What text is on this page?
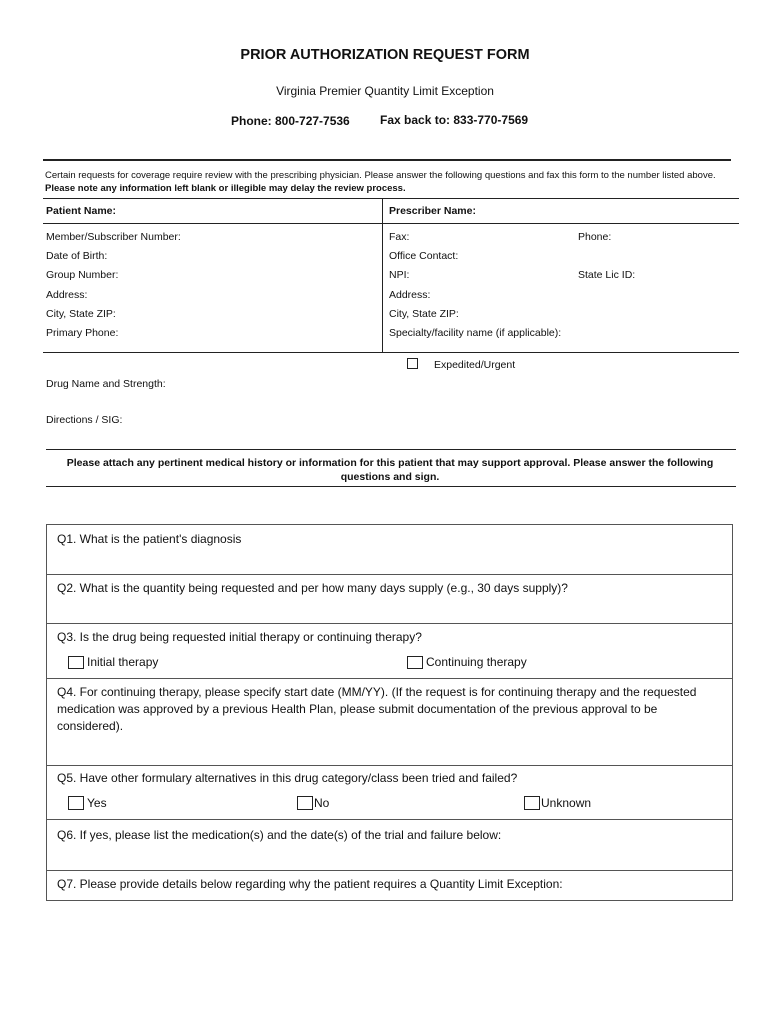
PRIOR AUTHORIZATION REQUEST FORM
Virginia Premier Quantity Limit Exception
Phone: 800-727-7536	Fax back to: 833-770-7569
Certain requests for coverage require review with the prescribing physician. Please answer the following questions and fax this form to the number listed above. Please note any information left blank or illegible may delay the review process.
Patient Name:	Prescriber Name:
Member/Subscriber Number:
Date of Birth:
Group Number:
Address:
City, State ZIP:
Primary Phone:
Fax:	Phone:
Office Contact:
NPI:	State Lic ID:
Address:
City, State ZIP:
Specialty/facility name (if applicable):
Expedited/Urgent
Drug Name and Strength:
Directions / SIG:
Please attach any pertinent medical history or information for this patient that may support approval. Please answer the following questions and sign.
Q1. What is the patient's diagnosis
Q2. What is the quantity being requested and per how many days supply (e.g., 30 days supply)?
Q3. Is the drug being requested initial therapy or continuing therapy?
Initial therapy	Continuing therapy
Q4. For continuing therapy, please specify start date (MM/YY). (If the request is for continuing therapy and the requested medication was approved by a previous Health Plan, please submit documentation of the previous approval to be considered).
Q5. Have other formulary alternatives in this drug category/class been tried and failed?
Yes	No	Unknown
Q6. If yes, please list the medication(s) and the date(s) of the trial and failure below:
Q7. Please provide details below regarding why the patient requires a Quantity Limit Exception:
